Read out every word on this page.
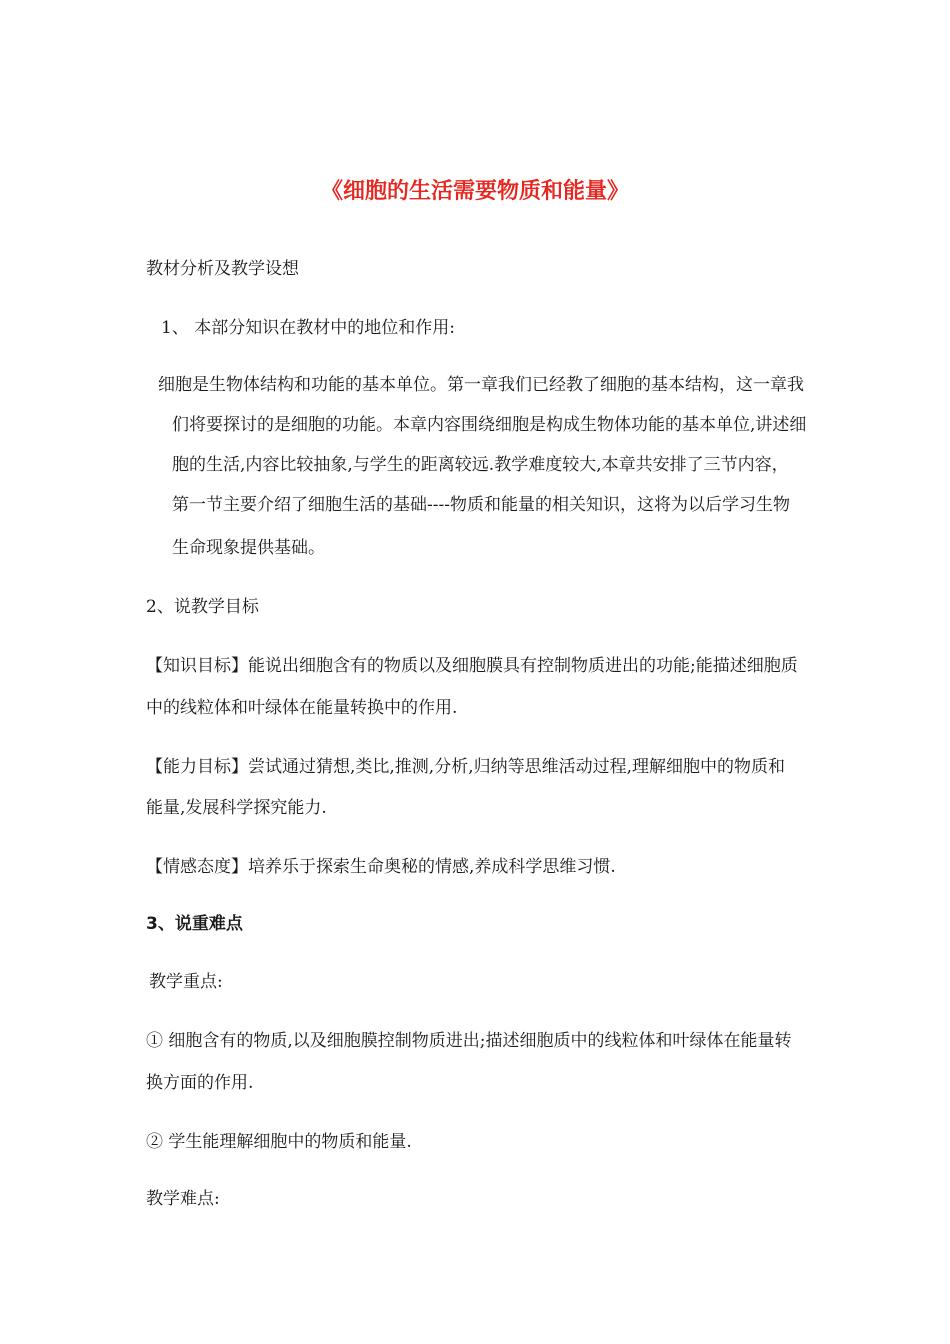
《细胞的生活需要物质和能量》
教材分析及教学设想
1、 本部分知识在教材中的地位和作用:
细胞是生物体结构和功能的基本单位。第一章我们已经教了细胞的基本结构，这一章我
们将要探讨的是细胞的功能。本章内容围绕细胞是构成生物体功能的基本单位,讲述细
胞的生活,内容比较抽象,与学生的距离较远.教学难度较大,本章共安排了三节内容，
第一节主要介绍了细胞生活的基础----物质和能量的相关知识，这将为以后学习生物
生命现象提供基础。
2、说教学目标
【知识目标】能说出细胞含有的物质以及细胞膜具有控制物质进出的功能;能描述细胞质
中的线粒体和叶绿体在能量转换中的作用.
【能力目标】尝试通过猜想,类比,推测,分析,归纳等思维活动过程,理解细胞中的物质和
能量,发展科学探究能力.
【情感态度】培养乐于探索生命奥秘的情感,养成科学思维习惯.
3、说重难点
教学重点:
① 细胞含有的物质,以及细胞膜控制物质进出;描述细胞质中的线粒体和叶绿体在能量转
换方面的作用.
② 学生能理解细胞中的物质和能量.
教学难点:
